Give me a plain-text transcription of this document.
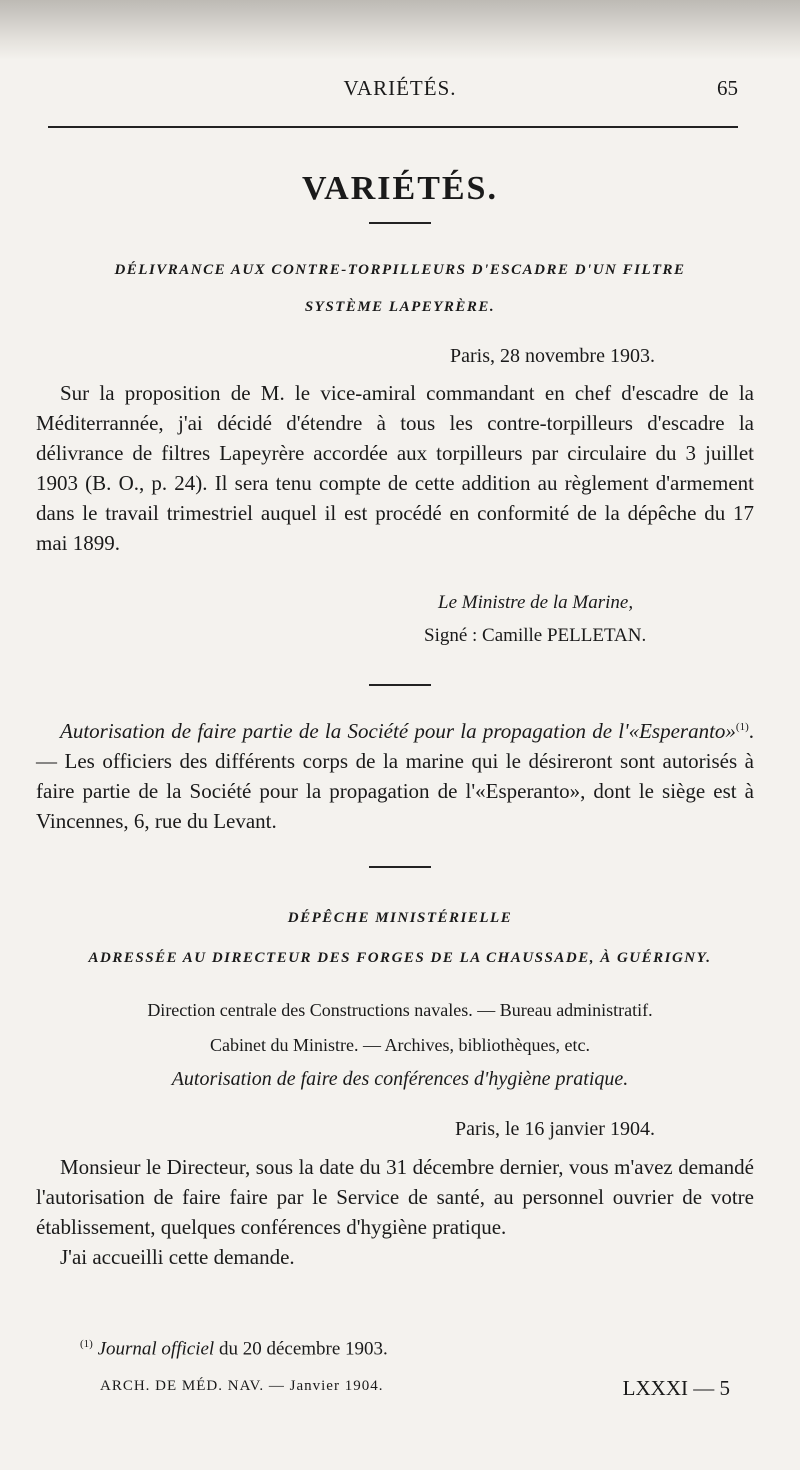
VARIÉTÉS.	65
VARIÉTÉS.
DÉLIVRANCE AUX CONTRE-TORPILLEURS D'ESCADRE D'UN FILTRE
SYSTÈME LAPEYRÈRE.
Paris, 28 novembre 1903.
Sur la proposition de M. le vice-amiral commandant en chef d'escadre de la Méditerrannée, j'ai décidé d'étendre à tous les contre-torpilleurs d'escadre la délivrance de filtres Lapeyrère accordée aux torpilleurs par circulaire du 3 juillet 1903 (B. O., p. 24). Il sera tenu compte de cette addition au règlement d'armement dans le travail trimestriel auquel il est procédé en conformité de la dépêche du 17 mai 1899.
Le Ministre de la Marine,
Signé : Camille PELLETAN.
Autorisation de faire partie de la Société pour la propagation de l'«Esperanto»$^{(1)}$. — Les officiers des différents corps de la marine qui le désireront sont autorisés à faire partie de la Société pour la propagation de l'«Esperanto», dont le siège est à Vincennes, 6, rue du Levant.
DÉPÊCHE MINISTÉRIELLE
ADRESSÉE AU DIRECTEUR DES FORGES DE LA CHAUSSADE, À GUÉRIGNY.
Direction centrale des Constructions navales. — Bureau administratif.
Cabinet du Ministre. — Archives, bibliothèques, etc.
Autorisation de faire des conférences d'hygiène pratique.
Paris, le 16 janvier 1904.
Monsieur le Directeur, sous la date du 31 décembre dernier, vous m'avez demandé l'autorisation de faire faire par le Service de santé, au personnel ouvrier de votre établissement, quelques conférences d'hygiène pratique.
J'ai accueilli cette demande.
$^{(1)}$ Journal officiel du 20 décembre 1903.
ARCH. DE MÉD. NAV. — Janvier 1904.	LXXXI — 5
